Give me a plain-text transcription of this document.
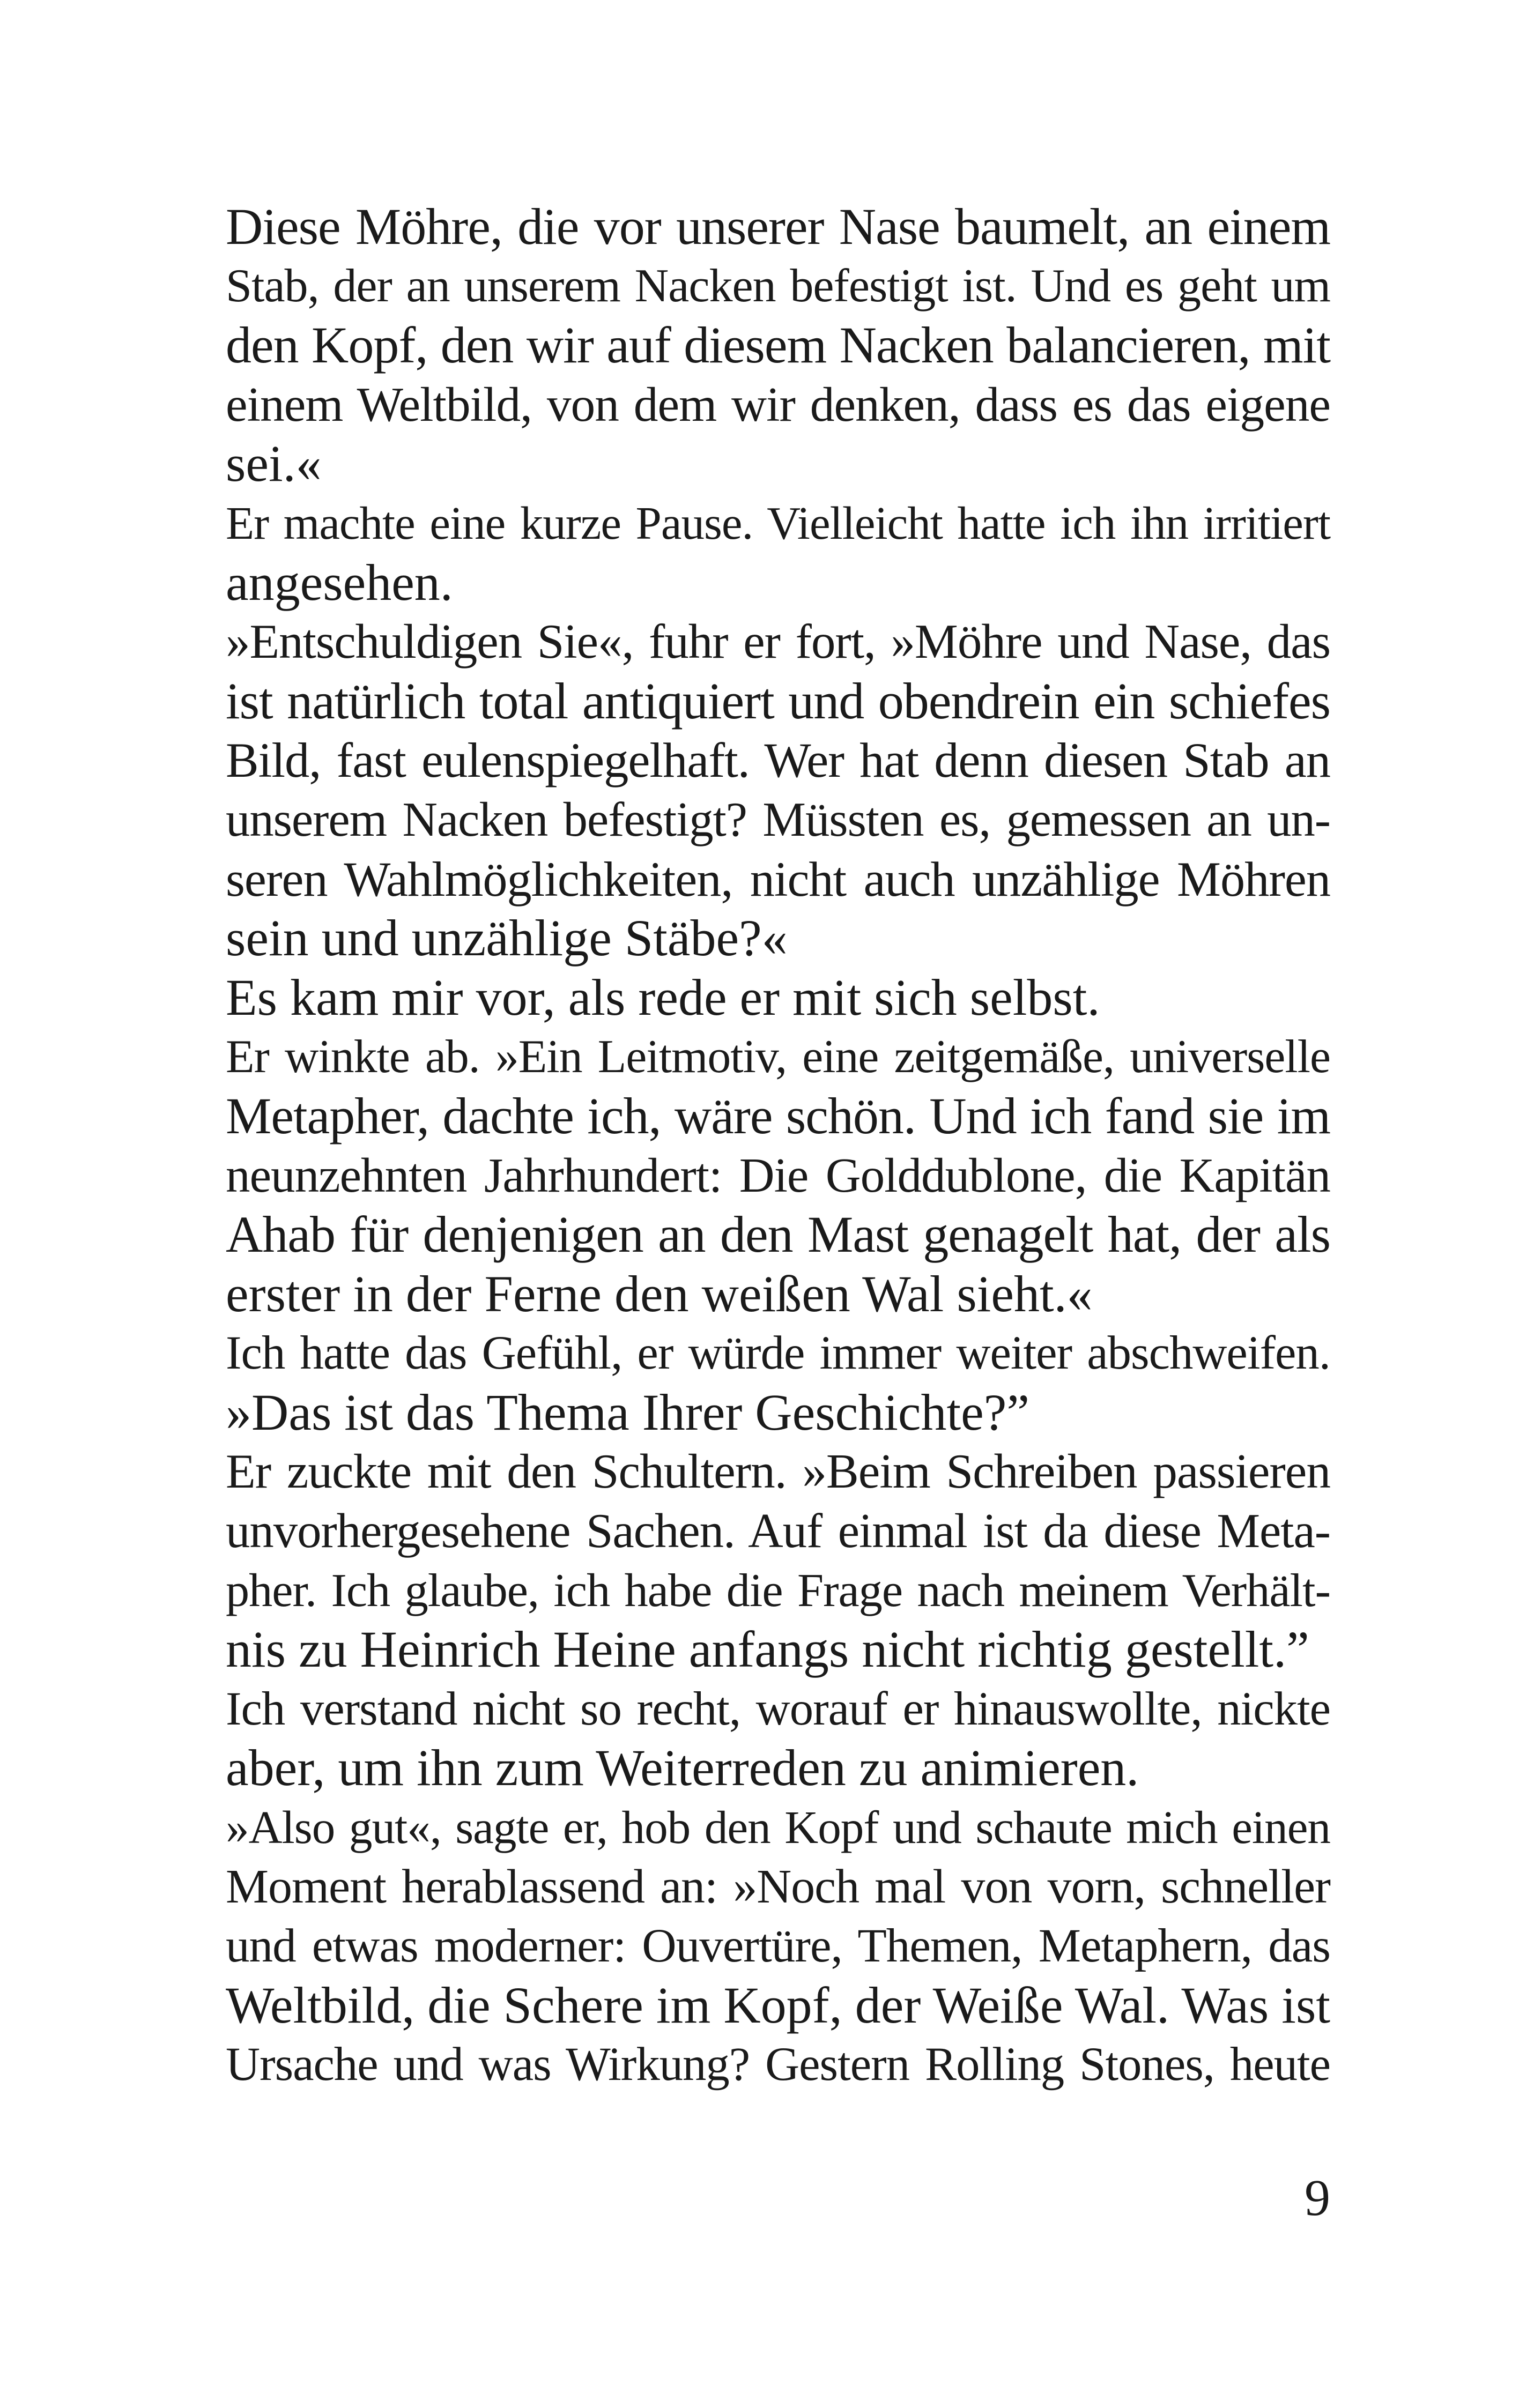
Diese Möhre, die vor unserer Nase baumelt, an einem
Stab, der an unserem Nacken befestigt ist. Und es geht um
den Kopf, den wir auf diesem Nacken balancieren, mit
einem Weltbild, von dem wir denken, dass es das eigene
sei.«
Er machte eine kurze Pause. Vielleicht hatte ich ihn irritiert
angesehen.
»Entschuldigen Sie«, fuhr er fort, »Möhre und Nase, das
ist natürlich total antiquiert und obendrein ein schiefes
Bild, fast eulenspiegelhaft. Wer hat denn diesen Stab an
unserem Nacken befestigt? Müssten es, gemessen an un-
seren Wahlmöglichkeiten, nicht auch unzählige Möhren
sein und unzählige Stäbe?«
Es kam mir vor, als rede er mit sich selbst.
Er winkte ab. »Ein Leitmotiv, eine zeitgemäße, universelle
Metapher, dachte ich, wäre schön. Und ich fand sie im
neunzehnten Jahrhundert: Die Golddublone, die Kapitän
Ahab für denjenigen an den Mast genagelt hat, der als
erster in der Ferne den weißen Wal sieht.«
Ich hatte das Gefühl, er würde immer weiter abschweifen.
»Das ist das Thema Ihrer Geschichte?”
Er zuckte mit den Schultern. »Beim Schreiben passieren
unvorhergesehene Sachen. Auf einmal ist da diese Meta-
pher. Ich glaube, ich habe die Frage nach meinem Verhält-
nis zu Heinrich Heine anfangs nicht richtig gestellt.”
Ich verstand nicht so recht, worauf er hinauswollte, nickte
aber, um ihn zum Weiterreden zu animieren.
»Also gut«, sagte er, hob den Kopf und schaute mich einen
Moment herablassend an: »Noch mal von vorn, schneller
und etwas moderner: Ouvertüre, Themen, Metaphern, das
Weltbild, die Schere im Kopf, der Weiße Wal. Was ist
Ursache und was Wirkung? Gestern Rolling Stones, heute
9
